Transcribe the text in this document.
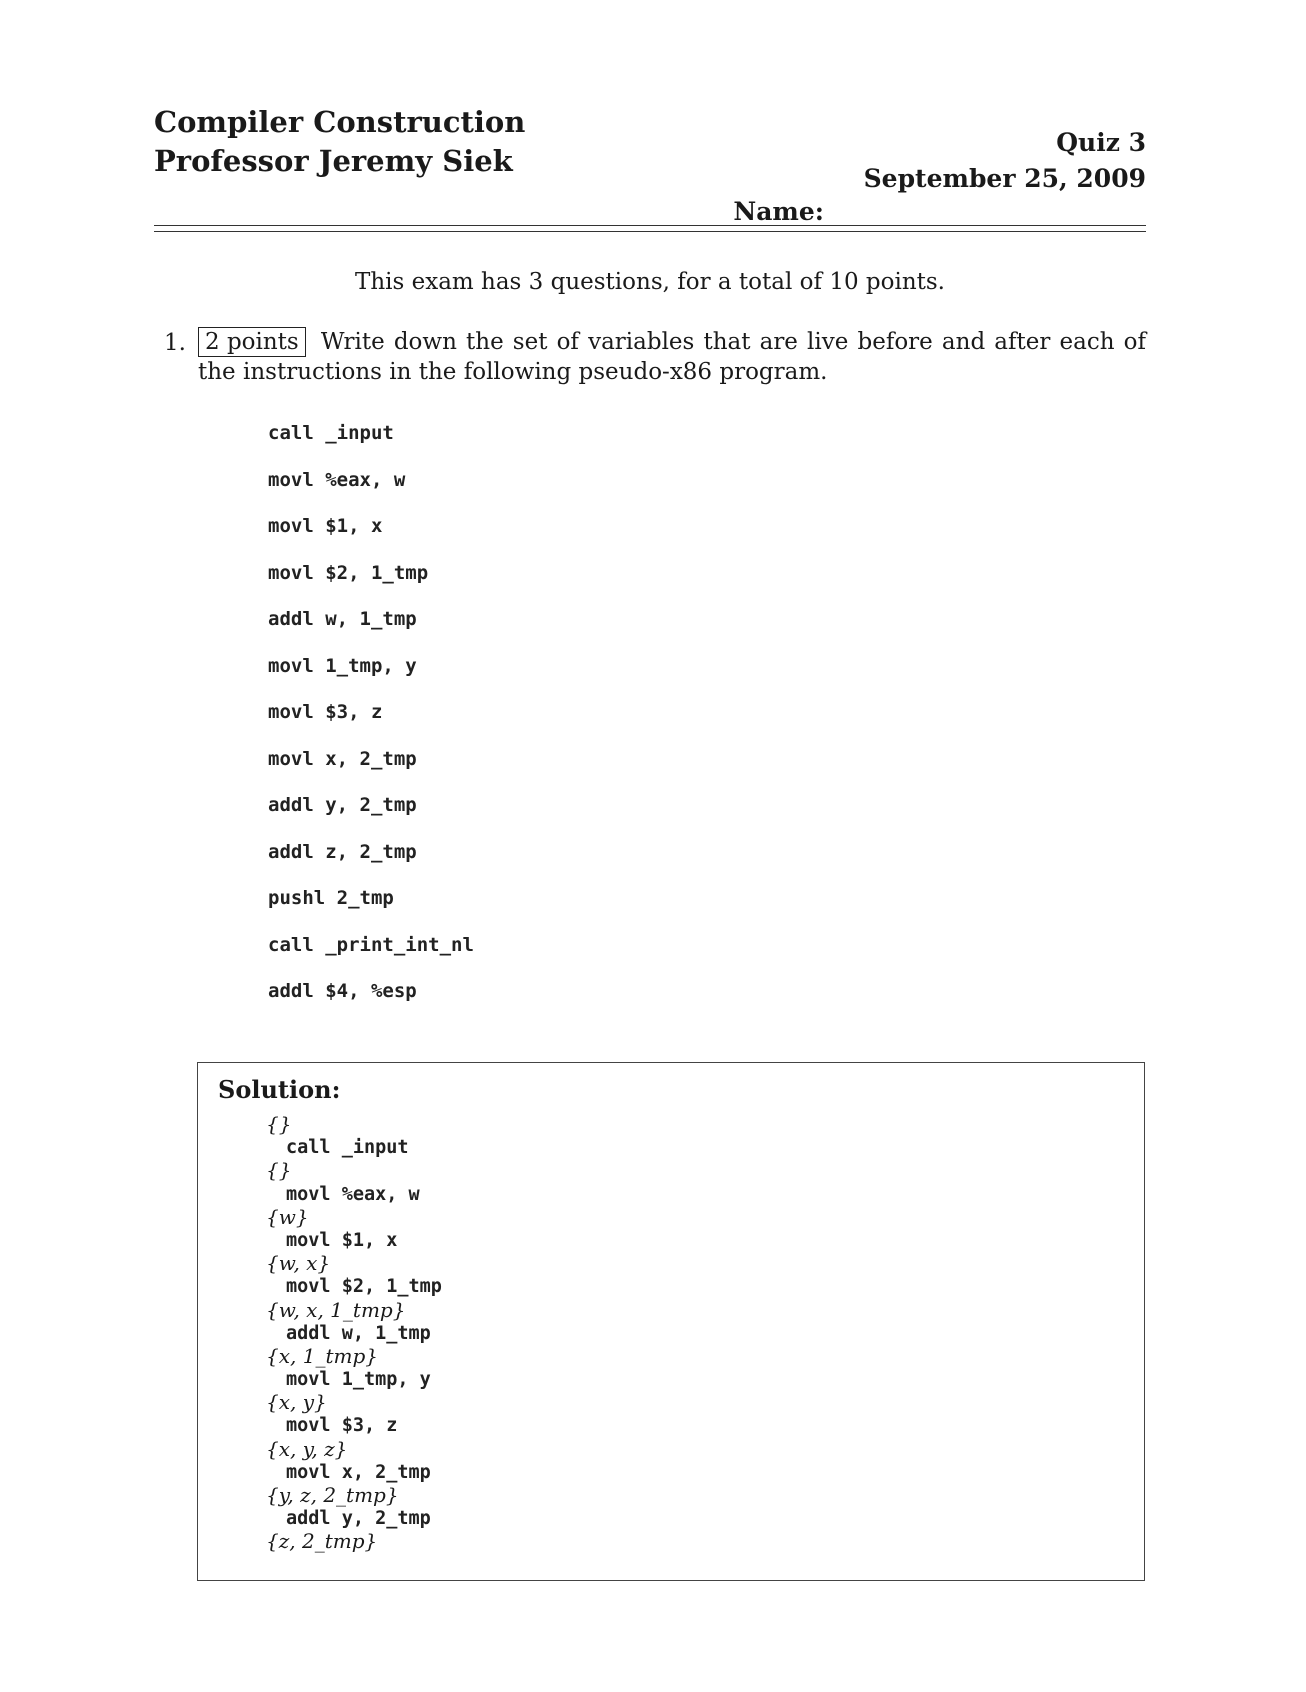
Compiler Construction
Professor Jeremy Siek
Quiz 3
September 25, 2009
Name:
This exam has 3 questions, for a total of 10 points.
1. 2 points Write down the set of variables that are live before and after each of the instructions in the following pseudo-x86 program.
call _input
movl %eax, w
movl $1, x
movl $2, 1_tmp
addl w, 1_tmp
movl 1_tmp, y
movl $3, z
movl x, 2_tmp
addl y, 2_tmp
addl z, 2_tmp
pushl 2_tmp
call _print_int_nl
addl $4, %esp
Solution:
{}
call _input
{}
movl %eax, w
{w}
movl $1, x
{w, x}
movl $2, 1_tmp
{w, x, 1_tmp}
addl w, 1_tmp
{x, 1_tmp}
movl 1_tmp, y
{x, y}
movl $3, z
{x, y, z}
movl x, 2_tmp
{y, z, 2_tmp}
addl y, 2_tmp
{z, 2_tmp}
